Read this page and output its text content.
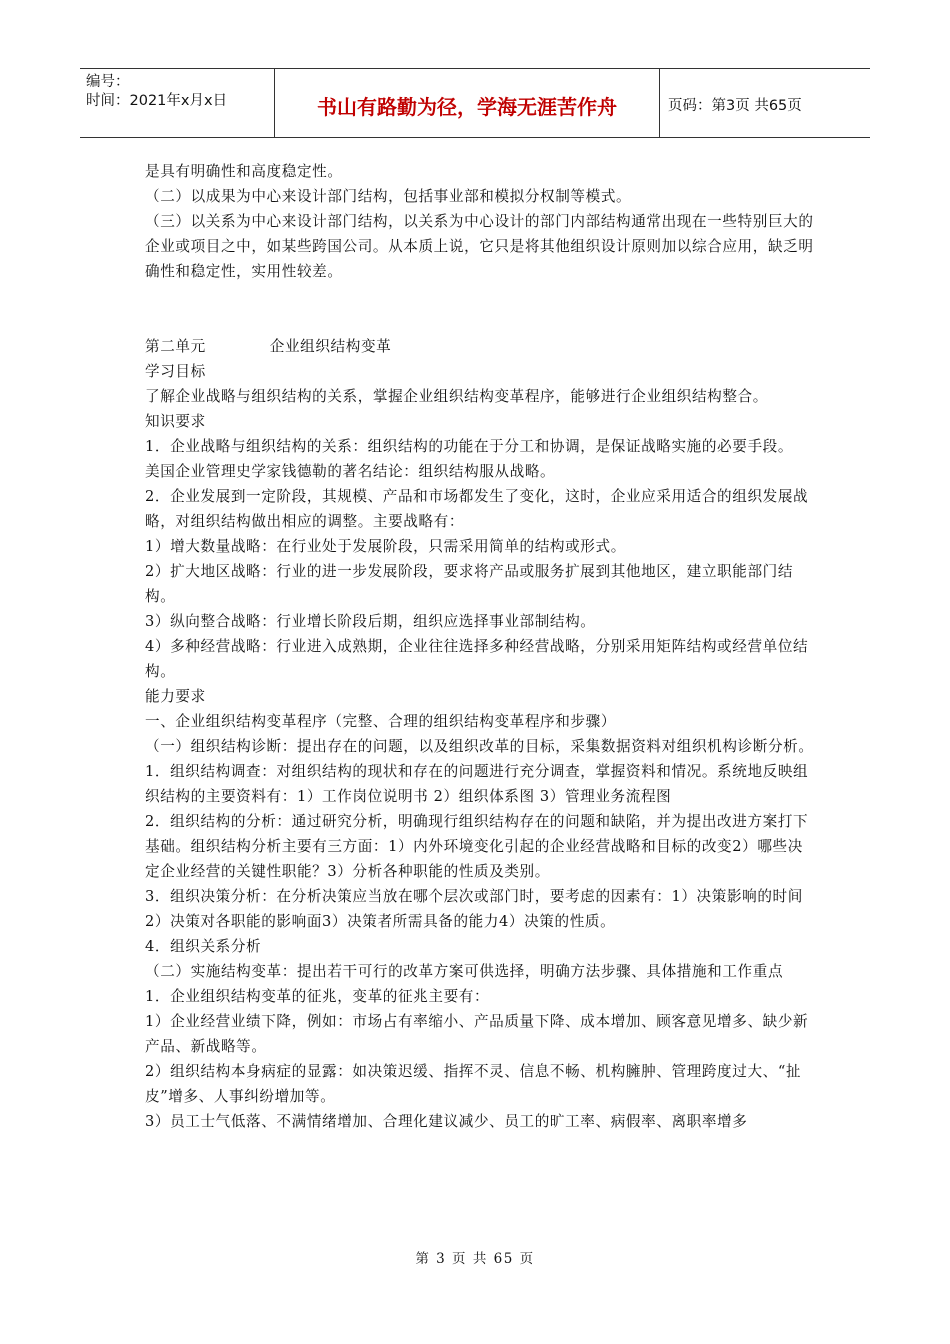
编号：
时间：2021年x月x日	书山有路勤为径，学海无涯苦作舟	页码：第3页 共65页

是具有明确性和高度稳定性。

（二）以成果为中心来设计部门结构，包括事业部和模拟分权制等模式。

（三）以关系为中心来设计部门结构，以关系为中心设计的部门内部结构通常出现在一些特别巨大的企业或项目之中，如某些跨国公司。从本质上说，它只是将其他组织设计原则加以综合应用，缺乏明确性和稳定性，实用性较差。

第二单元	企业组织结构变革

学习目标

了解企业战略与组织结构的关系，掌握企业组织结构变革程序，能够进行企业组织结构整合。

知识要求

1．企业战略与组织结构的关系：组织结构的功能在于分工和协调，是保证战略实施的必要手段。

美国企业管理史学家钱德勒的著名结论：组织结构服从战略。

2．企业发展到一定阶段，其规模、产品和市场都发生了变化，这时，企业应采用适合的组织发展战略，对组织结构做出相应的调整。主要战略有：

1）增大数量战略：在行业处于发展阶段，只需采用简单的结构或形式。

2）扩大地区战略：行业的进一步发展阶段，要求将产品或服务扩展到其他地区，建立职能部门结构。

3）纵向整合战略：行业增长阶段后期，组织应选择事业部制结构。

4）多种经营战略：行业进入成熟期，企业往往选择多种经营战略，分别采用矩阵结构或经营单位结构。

能力要求

一、企业组织结构变革程序（完整、合理的组织结构变革程序和步骤）

（一）组织结构诊断：提出存在的问题，以及组织改革的目标，采集数据资料对组织机构诊断分析。

1．组织结构调查：对组织结构的现状和存在的问题进行充分调查，掌握资料和情况。系统地反映组织结构的主要资料有：1）工作岗位说明书 2）组织体系图 3）管理业务流程图

2．组织结构的分析：通过研究分析，明确现行组织结构存在的问题和缺陷，并为提出改进方案打下基础。组织结构分析主要有三方面：1）内外环境变化引起的企业经营战略和目标的改变2）哪些决定企业经营的关键性职能？3）分析各种职能的性质及类别。

3．组织决策分析：在分析决策应当放在哪个层次或部门时，要考虑的因素有：1）决策影响的时间2）决策对各职能的影响面3）决策者所需具备的能力4）决策的性质。

4．组织关系分析

（二）实施结构变革：提出若干可行的改革方案可供选择，明确方法步骤、具体措施和工作重点

1．企业组织结构变革的征兆，变革的征兆主要有：

1）企业经营业绩下降，例如：市场占有率缩小、产品质量下降、成本增加、顾客意见增多、缺少新产品、新战略等。

2）组织结构本身病症的显露：如决策迟缓、指挥不灵、信息不畅、机构臃肿、管理跨度过大、“扯皮”增多、人事纠纷增加等。

3）员工士气低落、不满情绪增加、合理化建议减少、员工的旷工率、病假率、离职率增多

第 3 页 共 65 页
